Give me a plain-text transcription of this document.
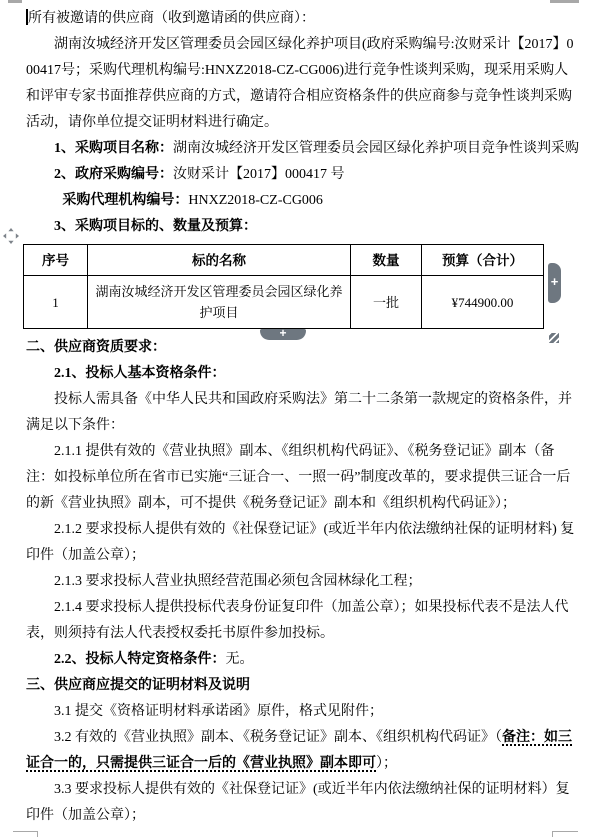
所有被邀请的供应商（收到邀请函的供应商）：

湖南汝城经济开发区管理委员会园区绿化养护项目(政府采购编号:汝财采计【2017】000417号；采购代理机构编号:HNXZ2018-CZ-CG006)进行竞争性谈判采购，现采用采购人和评审专家书面推荐供应商的方式，邀请符合相应资格条件的供应商参与竞争性谈判采购活动，请你单位提交证明材料进行确定。

1、采购项目名称：湖南汝城经济开发区管理委员会园区绿化养护项目竞争性谈判采购

2、政府采购编号：汝财采计【2017】000417 号

采购代理机构编号：HNXZ2018-CZ-CG006

3、采购项目标的、数量及预算：

序号	标的名称	数量	预算（合计）
1	湖南汝城经济开发区管理委员会园区绿化养护项目	一批	¥744900.00
+
+

二、供应商资质要求：

2.1、投标人基本资格条件：

投标人需具备《中华人民共和国政府采购法》第二十二条第一款规定的资格条件，并满足以下条件：

2.1.1 提供有效的《营业执照》副本、《组织机构代码证》、《税务登记证》副本（备注：如投标单位所在省市已实施“三证合一、一照一码”制度改革的，要求提供三证合一后的新《营业执照》副本，可不提供《税务登记证》副本和《组织机构代码证》）；

2.1.2 要求投标人提供有效的《社保登记证》(或近半年内依法缴纳社保的证明材料) 复印件（加盖公章）；

2.1.3 要求投标人营业执照经营范围必须包含园林绿化工程；

2.1.4 要求投标人提供投标代表身份证复印件（加盖公章）；如果投标代表不是法人代表，则须持有法人代表授权委托书原件参加投标。

2.2、投标人特定资格条件：无。

三、供应商应提交的证明材料及说明

3.1 提交《资格证明材料承诺函》原件，格式见附件；

3.2 有效的《营业执照》副本、《税务登记证》副本、《组织机构代码证》（备注：如三证合一的，只需提供三证合一后的《营业执照》副本即可）；

3.3 要求投标人提供有效的《社保登记证》(或近半年内依法缴纳社保的证明材料）复印件（加盖公章）；
